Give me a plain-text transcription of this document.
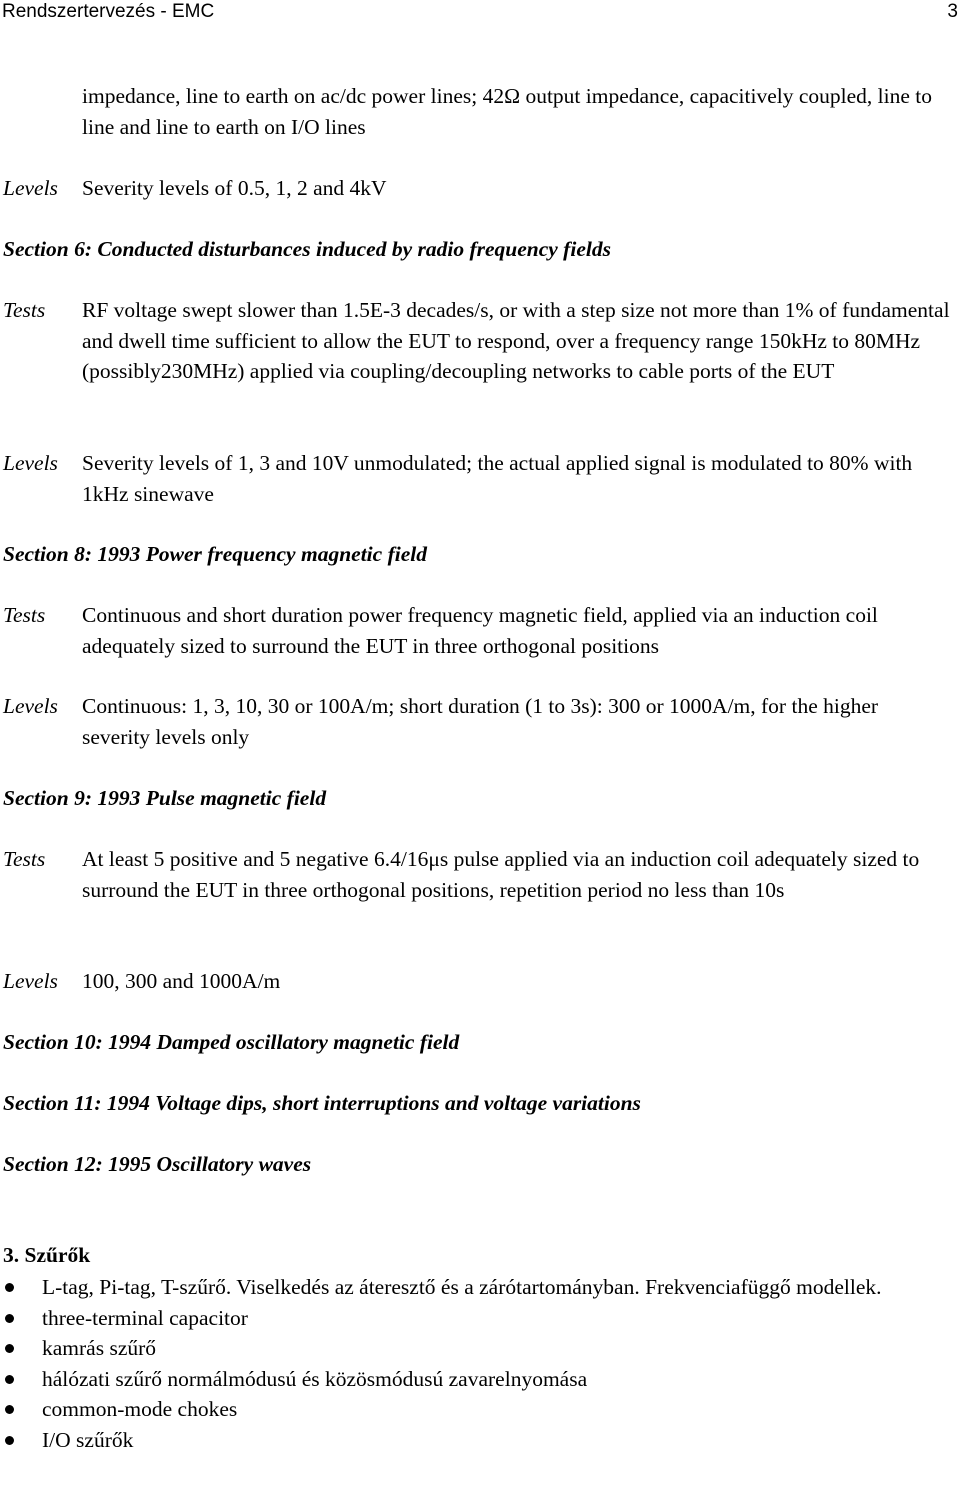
Rendszertervezés - EMC	3
impedance, line to earth on ac/dc power lines; 42Ω output impedance, capacitively coupled, line to line and line to earth on I/O lines
Levels Severity levels of 0.5, 1, 2 and 4kV
Section 6: Conducted disturbances induced by radio frequency fields
Tests RF voltage swept slower than 1.5E-3 decades/s, or with a step size not more than 1% of fundamental and dwell time sufficient to allow the EUT to respond, over a frequency range 150kHz to 80MHz (possibly230MHz) applied via coupling/decoupling networks to cable ports of the EUT
Levels Severity levels of 1, 3 and 10V unmodulated; the actual applied signal is modulated to 80% with 1kHz sinewave
Section 8: 1993 Power frequency magnetic field
Tests Continuous and short duration power frequency magnetic field, applied via an induction coil adequately sized to surround the EUT in three orthogonal positions
Levels Continuous: 1, 3, 10, 30 or 100A/m; short duration (1 to 3s): 300 or 1000A/m, for the higher severity levels only
Section 9: 1993 Pulse magnetic field
Tests At least 5 positive and 5 negative 6.4/16μs pulse applied via an induction coil adequately sized to surround the EUT in three orthogonal positions, repetition period no less than 10s
Levels 100, 300 and 1000A/m
Section 10: 1994 Damped oscillatory magnetic field
Section 11: 1994 Voltage dips, short interruptions and voltage variations
Section 12: 1995 Oscillatory waves
3. Szűrők
L-tag, Pi-tag, T-szűrő. Viselkedés az áteresztő és a zárótartományban. Frekvenciafüggő modellek.
three-terminal capacitor
kamrás szűrő
hálózati szűrő normálmódusú és közösmódusú zavarelnyomása
common-mode chokes
I/O szűrők
